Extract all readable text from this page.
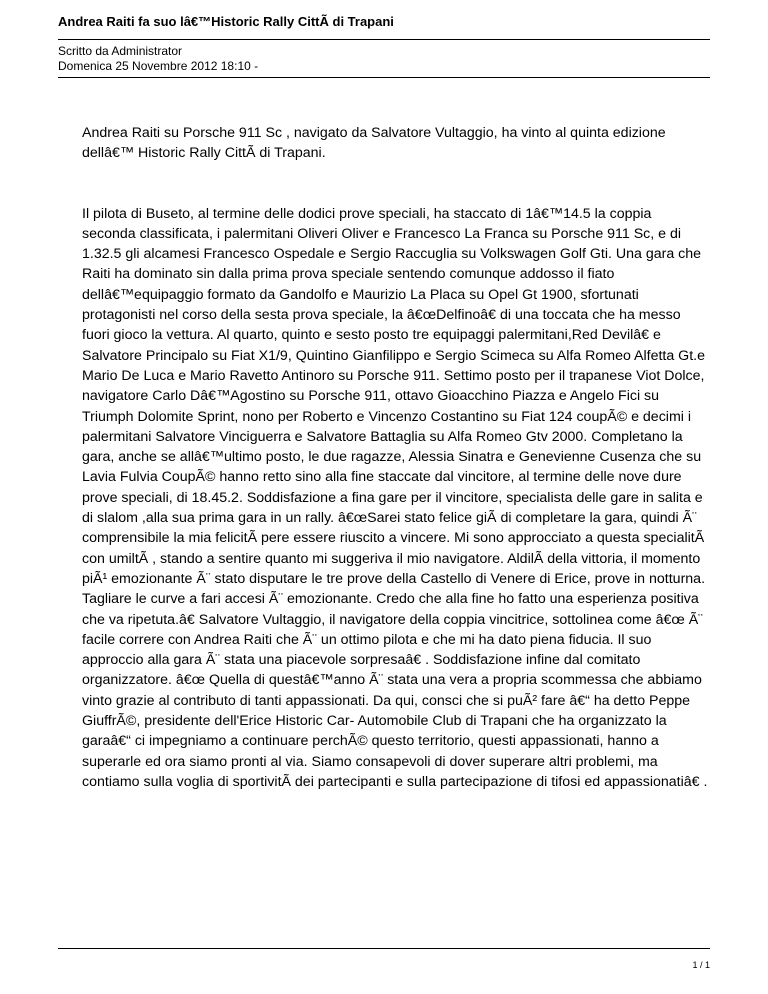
Andrea Raiti fa suo lâ€™Historic Rally CittÃ di Trapani
Scritto da Administrator
Domenica 25 Novembre 2012 18:10 -

Andrea Raiti su Porsche 911 Sc , navigato da Salvatore Vultaggio, ha vinto al quinta edizione dellâ€™ Historic Rally CittÃ di Trapani.

Il pilota di Buseto, al termine delle dodici prove speciali, ha staccato di 1â€™14.5 la coppia seconda classificata, i palermitani Oliveri Oliver e Francesco La Franca su Porsche 911 Sc, e di 1.32.5 gli alcamesi Francesco Ospedale e Sergio Raccuglia su Volkswagen Golf Gti. Una gara che Raiti ha dominato sin dalla prima prova speciale sentendo comunque addosso il fiato dellâ€™equipaggio formato da Gandolfo e Maurizio La Placa su Opel Gt 1900, sfortunati protagonisti nel corso della sesta prova speciale, la â€œDelfinoâ€ di una toccata che ha messo fuori gioco la vettura. Al quarto, quinto e sesto posto tre equipaggi palermitani,Red Devilâ€ e Salvatore Principalo su Fiat X1/9, Quintino Gianfilippo e Sergio Scimeca su Alfa Romeo Alfetta Gt.e Mario De Luca e Mario Ravetto Antinoro su Porsche 911. Settimo posto per il trapanese Viot Dolce, navigatore Carlo Dâ€™Agostino su Porsche 911, ottavo Gioacchino Piazza e Angelo Fici su Triumph Dolomite Sprint, nono per Roberto e Vincenzo Costantino su Fiat 124 coupÃ© e decimi i palermitani Salvatore Vinciguerra e Salvatore Battaglia su Alfa Romeo Gtv 2000. Completano la gara, anche se allâ€™ultimo posto, le due ragazze, Alessia Sinatra e Genevienne Cusenza che su Lavia Fulvia CoupÃ© hanno retto sino alla fine staccate dal vincitore, al termine delle nove dure prove speciali, di 18.45.2. Soddisfazione a fina gare per il vincitore, specialista delle gare in salita e di slalom ,alla sua prima gara in un rally. â€œSarei stato felice giÃ di completare la gara, quindi Ã¨ comprensibile la mia felicitÃ pere essere riuscito a vincere. Mi sono approcciato a questa specialitÃ con umiltÃ , stando a sentire quanto mi suggeriva il mio navigatore. AldilÃ della vittoria, il momento piÃ¹ emozionante Ã¨ stato disputare le tre prove della Castello di Venere di Erice, prove in notturna. Tagliare le curve a fari accesi Ã¨ emozionante. Credo che alla fine ho fatto una esperienza positiva che va ripetuta.â€ Salvatore Vultaggio, il navigatore della coppia vincitrice, sottolinea come â€œ Ã¨ facile correre con Andrea Raiti che Ã¨ un ottimo pilota e che mi ha dato piena fiducia. Il suo approccio alla gara Ã¨ stata una piacevole sorpresaâ€ . Soddisfazione infine dal comitato organizzatore. â€œ Quella di questâ€™anno Ã¨ stata una vera a propria scommessa che abbiamo vinto grazie al contributo di tanti appassionati. Da qui, consci che si puÃ² fare â€“ ha detto Peppe GiuffrÃ©, presidente dell'Erice Historic Car- Automobile Club di Trapani che ha organizzato la garaâ€“ ci impegniamo a continuare perchÃ© questo territorio, questi appassionati, hanno a superarle ed ora siamo pronti al via. Siamo consapevoli di dover superare altri problemi, ma contiamo sulla voglia di sportivitÃ dei partecipanti e sulla partecipazione di tifosi ed appassionatiâ€ .

1 / 1
